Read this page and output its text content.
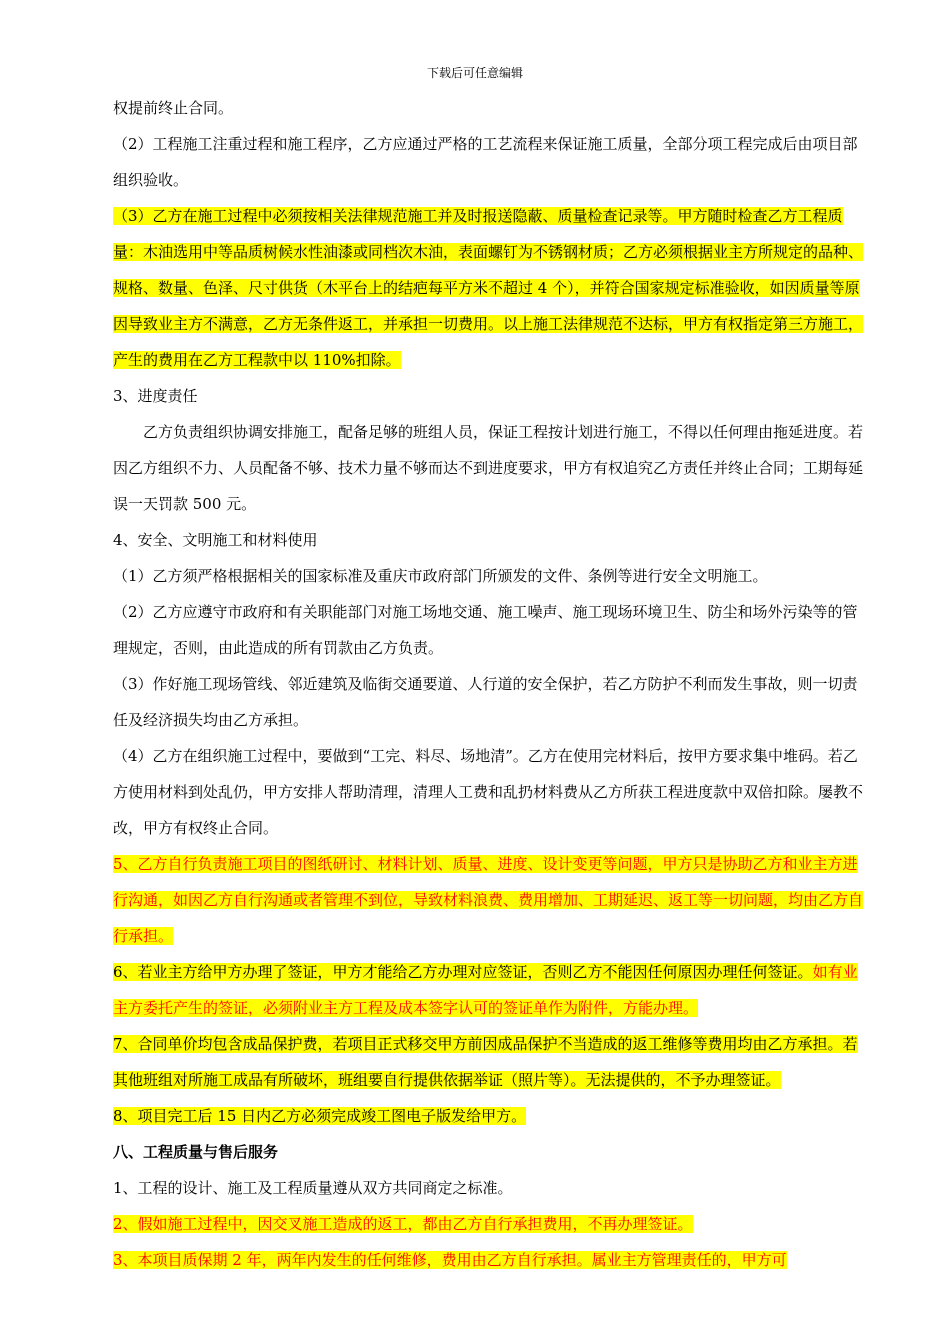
下载后可任意编辑

权提前终止合同。

（2）工程施工注重过程和施工程序，乙方应通过严格的工艺流程来保证施工质量，全部分项工程完成后由项目部组织验收。

（3）乙方在施工过程中必须按相关法律规范施工并及时报送隐蔽、质量检查记录等。甲方随时检查乙方工程质量：木油选用中等品质树候水性油漆或同档次木油，表面螺钉为不锈钢材质；乙方必须根据业主方所规定的品种、规格、数量、色泽、尺寸供货（木平台上的结疤每平方米不超过 4 个），并符合国家规定标准验收，如因质量等原因导致业主方不满意，乙方无条件返工，并承担一切费用。以上施工法律规范不达标，甲方有权指定第三方施工，产生的费用在乙方工程款中以 110%扣除。

3、进度责任

乙方负责组织协调安排施工，配备足够的班组人员，保证工程按计划进行施工，不得以任何理由拖延进度。若因乙方组织不力、人员配备不够、技术力量不够而达不到进度要求，甲方有权追究乙方责任并终止合同；工期每延误一天罚款 500 元。

4、安全、文明施工和材料使用

（1）乙方须严格根据相关的国家标准及重庆市政府部门所颁发的文件、条例等进行安全文明施工。

（2）乙方应遵守市政府和有关职能部门对施工场地交通、施工噪声、施工现场环境卫生、防尘和场外污染等的管理规定，否则，由此造成的所有罚款由乙方负责。

（3）作好施工现场管线、邻近建筑及临街交通要道、人行道的安全保护，若乙方防护不利而发生事故，则一切责任及经济损失均由乙方承担。

（4）乙方在组织施工过程中，要做到“工完、料尽、场地清”。乙方在使用完材料后，按甲方要求集中堆码。若乙方使用材料到处乱仍，甲方安排人帮助清理，清理人工费和乱扔材料费从乙方所获工程进度款中双倍扣除。屡教不改，甲方有权终止合同。

5、乙方自行负责施工项目的图纸研讨、材料计划、质量、进度、设计变更等问题，甲方只是协助乙方和业主方进行沟通，如因乙方自行沟通或者管理不到位，导致材料浪费、费用增加、工期延迟、返工等一切问题，均由乙方自行承担。

6、若业主方给甲方办理了签证，甲方才能给乙方办理对应签证，否则乙方不能因任何原因办理任何签证。如有业主方委托产生的签证，必须附业主方工程及成本签字认可的签证单作为附件，方能办理。

7、合同单价均包含成品保护费，若项目正式移交甲方前因成品保护不当造成的返工维修等费用均由乙方承担。若其他班组对所施工成品有所破坏，班组要自行提供依据举证（照片等）。无法提供的，不予办理签证。

8、项目完工后 15 日内乙方必须完成竣工图电子版发给甲方。

八、工程质量与售后服务

1、工程的设计、施工及工程质量遵从双方共同商定之标准。

2、假如施工过程中，因交叉施工造成的返工，都由乙方自行承担费用，不再办理签证。

3、本项目质保期 2 年，两年内发生的任何维修，费用由乙方自行承担。属业主方管理责任的，甲方可
